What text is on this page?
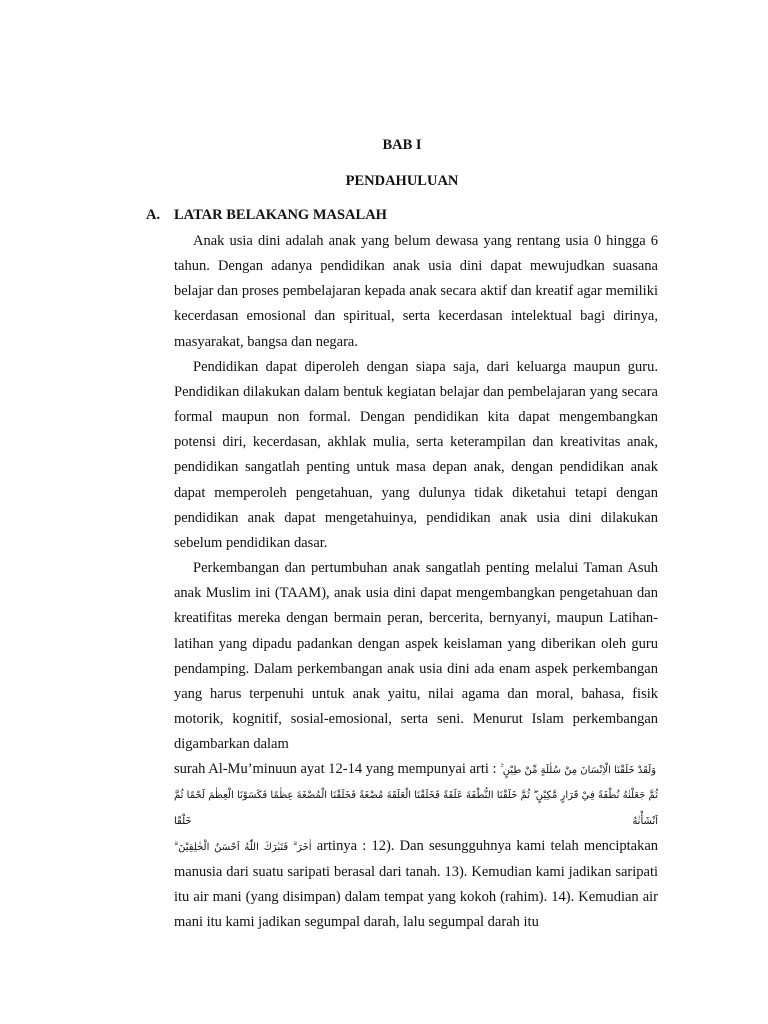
BAB I
PENDAHULUAN
A. LATAR BELAKANG MASALAH

Anak usia dini adalah anak yang belum dewasa yang rentang usia 0 hingga 6 tahun. Dengan adanya pendidikan anak usia dini dapat mewujudkan suasana belajar dan proses pembelajaran kepada anak secara aktif dan kreatif agar memiliki kecerdasan emosional dan spiritual, serta kecerdasan intelektual bagi dirinya, masyarakat, bangsa dan negara.

Pendidikan dapat diperoleh dengan siapa saja, dari keluarga maupun guru. Pendidikan dilakukan dalam bentuk kegiatan belajar dan pembelajaran yang secara formal maupun non formal. Dengan pendidikan kita dapat mengembangkan potensi diri, kecerdasan, akhlak mulia, serta keterampilan dan kreativitas anak, pendidikan sangatlah penting untuk masa depan anak, dengan pendidikan anak dapat memperoleh pengetahuan, yang dulunya tidak diketahui tetapi dengan pendidikan anak dapat mengetahuinya, pendidikan anak usia dini dilakukan sebelum pendidikan dasar.

Perkembangan dan pertumbuhan anak sangatlah penting melalui Taman Asuh anak Muslim ini (TAAM), anak usia dini dapat mengembangkan pengetahuan dan kreatifitas mereka dengan bermain peran, bercerita, bernyanyi, maupun Latihan-latihan yang dipadu padankan dengan aspek keislaman yang diberikan oleh guru pendamping. Dalam perkembangan anak usia dini ada enam aspek perkembangan yang harus terpenuhi untuk anak yaitu, nilai agama dan moral, bahasa, fisik motorik, kognitif, sosial-emosional, serta seni. Menurut Islam perkembangan digambarkan dalam

surah Al-Mu’minuun ayat 12-14 yang mempunyai arti : وَلَقَدْ خَلَقْنَا الْاِنْسَانَ مِنْ سُلٰلَةٍ مِّنْ طِيْنٍ ۚ
ثُمَّ جَعَلْنٰهُ نُطْفَةً فِيْ قَرَارٍ مَّكِيْنٍ ۖ ثُمَّ خَلَقْنَا النُّطْفَةَ عَلَقَةً فَخَلَقْنَا الْعَلَقَةَ مُضْغَةً فَخَلَقْنَا الْمُضْغَةَ عِظٰمًا فَكَسَوْنَا الْعِظٰمَ لَحْمًا ثُمَّ اَنْشَأْنٰهُ خَلْقًا
اٰخَرَ ۗ فَتَبٰرَكَ اللّٰهُ اَحْسَنُ الْخٰلِقِيْنَ ۗ artinya : 12). Dan sesungguhnya kami telah menciptakan manusia dari suatu saripati berasal dari tanah. 13). Kemudian kami jadikan saripati itu air mani (yang disimpan) dalam tempat yang kokoh (rahim). 14). Kemudian air mani itu kami jadikan segumpal darah, lalu segumpal darah itu
